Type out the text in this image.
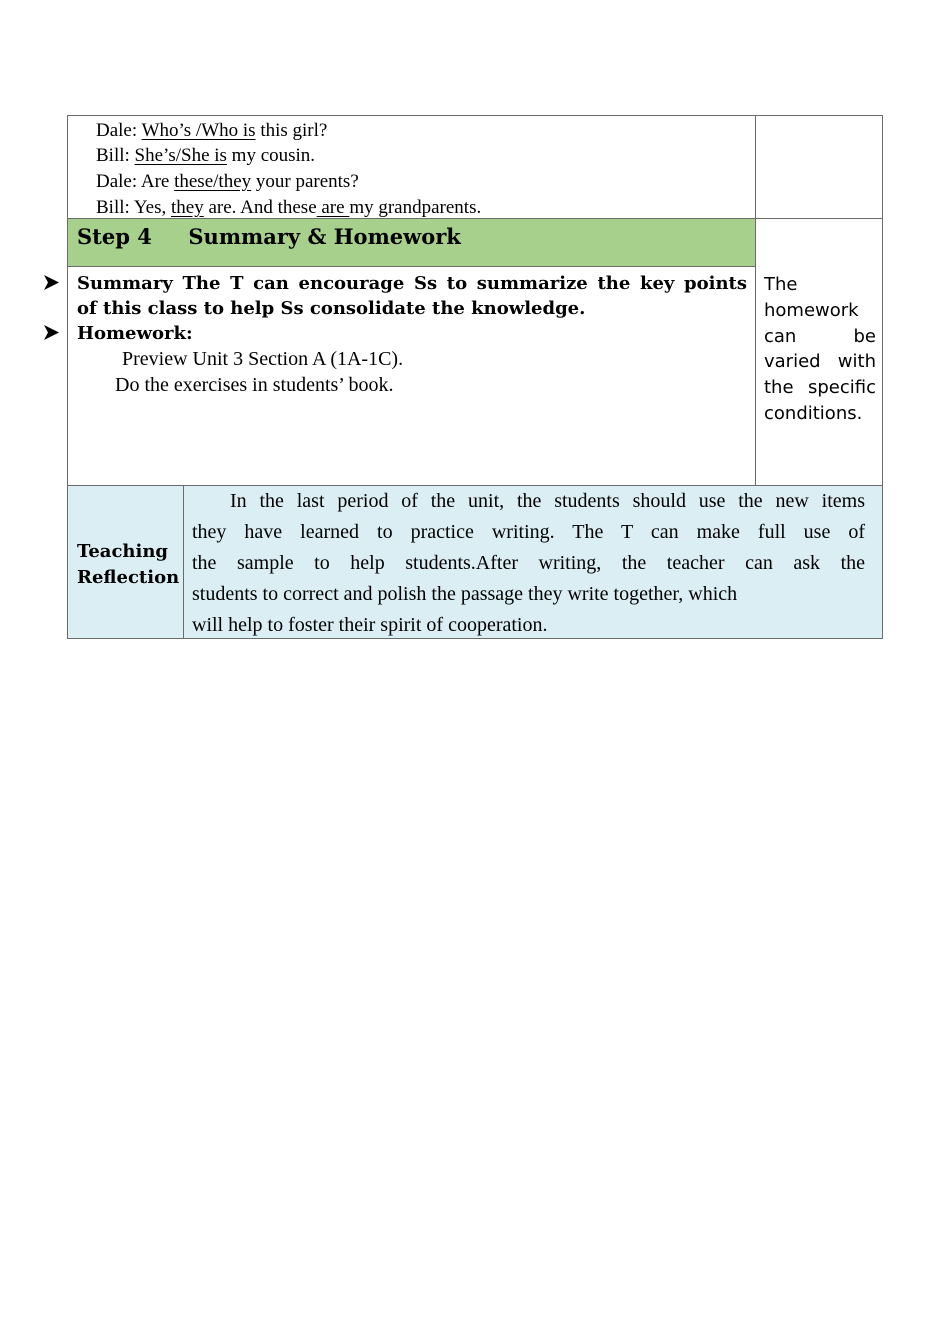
Dale: Who’s /Who is this girl?
Bill: She’s/She is my cousin.
Dale: Are these/they your parents?
Bill: Yes, they are. And these are my grandparents.
Step 4     Summary & Homework
Summary The T can encourage Ss to summarize the key points
of this class to help Ss consolidate the knowledge.
Homework:
Preview Unit 3 Section A (1A-1C).
Do the exercises in students’ book.
The homework can be varied with the specific conditions.
Teaching
Reflection
In the last period of the unit, the students should use the new items
they have learned to practice writing. The T can make full use of
the sample to help students.After writing, the teacher can ask the
students to correct and polish the passage they write together, which
will help to foster their spirit of cooperation.
